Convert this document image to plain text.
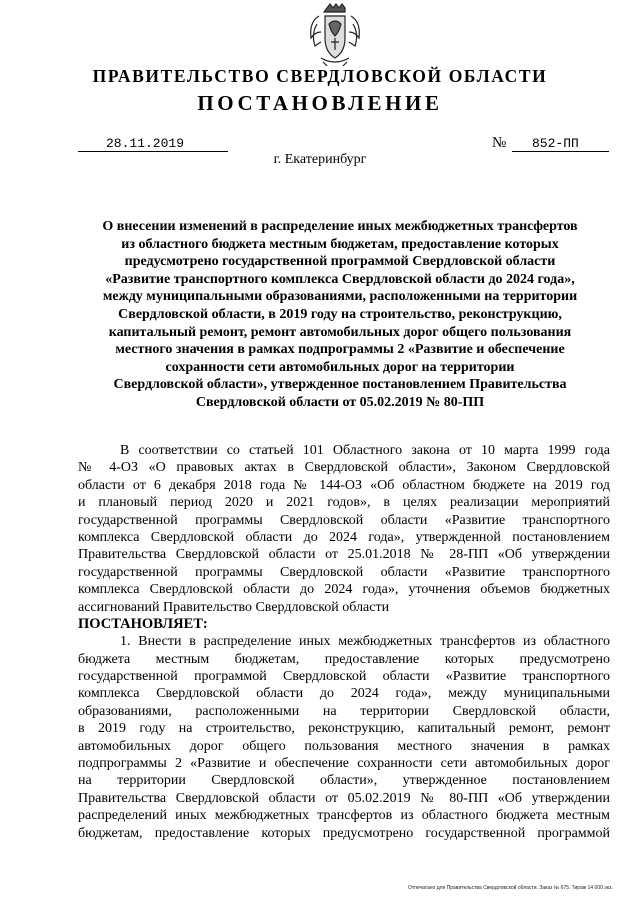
ПРАВИТЕЛЬСТВО СВЕРДЛОВСКОЙ ОБЛАСТИ
ПОСТАНОВЛЕНИЕ
28.11.2019	№	852-ПП
г. Екатеринбург
О внесении изменений в распределение иных межбюджетных трансфертов
из областного бюджета местным бюджетам, предоставление которых
предусмотрено государственной программой Свердловской области
«Развитие транспортного комплекса Свердловской области до 2024 года»,
между муниципальными образованиями, расположенными на территории
Свердловской области, в 2019 году на строительство, реконструкцию,
капитальный ремонт, ремонт автомобильных дорог общего пользования
местного значения в рамках подпрограммы 2 «Развитие и обеспечение
сохранности сети автомобильных дорог на территории
Свердловской области», утвержденное постановлением Правительства
Свердловской области от 05.02.2019 № 80-ПП
В соответствии со статьей 101 Областного закона от 10 марта 1999 года
№ 4-ОЗ «О правовых актах в Свердловской области», Законом Свердловской
области от 6 декабря 2018 года № 144-ОЗ «Об областном бюджете на 2019 год
и плановый период 2020 и 2021 годов», в целях реализации мероприятий
государственной программы Свердловской области «Развитие транспортного
комплекса Свердловской области до 2024 года», утвержденной постановлением
Правительства Свердловской области от 25.01.2018 № 28-ПП «Об утверждении
государственной программы Свердловской области «Развитие транспортного
комплекса Свердловской области до 2024 года», уточнения объемов бюджетных
ассигнований Правительство Свердловской области
ПОСТАНОВЛЯЕТ:
1. Внести в распределение иных межбюджетных трансфертов из областного
бюджета местным бюджетам, предоставление которых предусмотрено
государственной программой Свердловской области «Развитие транспортного
комплекса Свердловской области до 2024 года», между муниципальными
образованиями, расположенными на территории Свердловской области,
в 2019 году на строительство, реконструкцию, капитальный ремонт, ремонт
автомобильных дорог общего пользования местного значения в рамках
подпрограммы 2 «Развитие и обеспечение сохранности сети автомобильных дорог
на территории Свердловской области», утвержденное постановлением
Правительства Свердловской области от 05.02.2019 № 80-ПП «Об утверждении
распределений иных межбюджетных трансфертов из областного бюджета местным
бюджетам, предоставление которых предусмотрено государственной программой
Отпечатано для Правительства Свердловской области. Заказ № 675. Тираж 14 000 экз.
